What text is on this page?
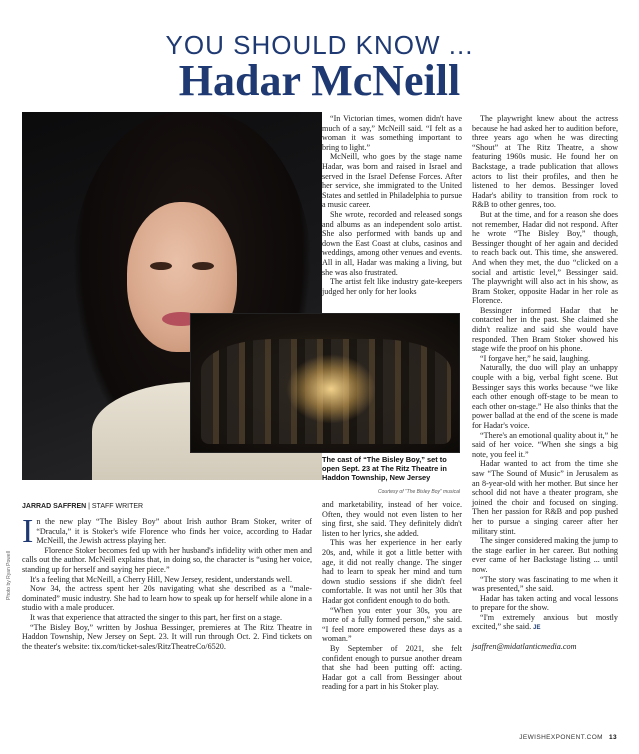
YOU SHOULD KNOW ...
Hadar McNeill
Photo by Ryan Powell

“In Victorian times, women didn't have much of a say,” McNeill said. “I felt as a woman it was something important to bring to light.”

McNeill, who goes by the stage name Hadar, was born and raised in Israel and served in the Israel Defense Forces. After her service, she immigrated to the United States and settled in Philadelphia to pursue a music career.

She wrote, recorded and released songs and albums as an independent solo artist. She also performed with bands up and down the East Coast at clubs, casinos and weddings, among other venues and events. All in all, Hadar was making a living, but she was also frustrated.

The artist felt like industry gate-keepers judged her only for her looks

The cast of “The Bisley Boy,” set to open Sept. 23 at The Ritz Theatre in Haddon Township, New Jersey
Courtesy of “The Bisley Boy” musical
JARRAD SAFFREN | STAFF WRITER

In the new play “The Bisley Boy” about Irish author Bram Stoker, writer of “Dracula,” it is Stoker's wife Florence who finds her voice, according to Hadar McNeill, the Jewish actress playing her.

Florence Stoker becomes fed up with her husband's infidelity with other men and calls out the author. McNeill explains that, in doing so, the character is “using her voice, standing up for herself and saying her piece.”

It's a feeling that McNeill, a Cherry Hill, New Jersey, resident, understands well.

Now 34, the actress spent her 20s navigating what she described as a “male-dominated” music industry. She had to learn how to speak up for herself while alone in a studio with a male producer.

It was that experience that attracted the singer to this part, her first on a stage.

“The Bisley Boy,” written by Joshua Bessinger, premieres at The Ritz Theatre in Haddon Township, New Jersey on Sept. 23. It will run through Oct. 2. Find tickets on the theater's website: tix.com/ticket-sales/RitzTheatreCo/6520.

and marketability, instead of her voice. Often, they would not even listen to her sing first, she said. They definitely didn't listen to her lyrics, she added.

This was her experience in her early 20s, and, while it got a little better with age, it did not really change. The singer had to learn to speak her mind and turn down studio sessions if she didn't feel comfortable. It was not until her 30s that Hadar got confident enough to do both.

“When you enter your 30s, you are more of a fully formed person,” she said. “I feel more empowered these days as a woman.”

By September of 2021, she felt confident enough to pursue another dream that she had been putting off: acting. Hadar got a call from Bessinger about reading for a part in his Stoker play.

The playwright knew about the actress because he had asked her to audition before, three years ago when he was directing “Shout” at The Ritz Theatre, a show featuring 1960s music. He found her on Backstage, a trade publication that allows actors to list their profiles, and then he listened to her demos. Bessinger loved Hadar's ability to transition from rock to R&B to other genres, too.

But at the time, and for a reason she does not remember, Hadar did not respond. After he wrote “The Bisley Boy,” though, Bessinger thought of her again and decided to reach back out. This time, she answered. And when they met, the duo “clicked on a social and artistic level,” Bessinger said. The playwright will also act in his show, as Bram Stoker, opposite Hadar in her role as Florence.

Bessinger informed Hadar that he contacted her in the past. She claimed she didn't realize and said she would have responded. Then Bram Stoker showed his stage wife the proof on his phone.

“I forgave her,” he said, laughing.

Naturally, the duo will play an unhappy couple with a big, verbal fight scene. But Bessinger says this works because “we like each other enough off-stage to be mean to each other on-stage.” He also thinks that the power ballad at the end of the scene is made for Hadar's voice.

“There's an emotional quality about it,” he said of her voice. “When she sings a big note, you feel it.”

Hadar wanted to act from the time she saw “The Sound of Music” in Jerusalem as an 8-year-old with her mother. But since her school did not have a theater program, she joined the choir and focused on singing. Then her passion for R&B and pop pushed her to pursue a singing career after her military stint.

The singer considered making the jump to the stage earlier in her career. But nothing ever came of her Backstage listing ... until now.

“The story was fascinating to me when it was presented,” she said.

Hadar has taken acting and vocal lessons to prepare for the show.

“I'm extremely anxious but mostly excited,” she said. JE

jsaffren@midatlanticmedia.com

JEWISHEXPONENT.COM 13
